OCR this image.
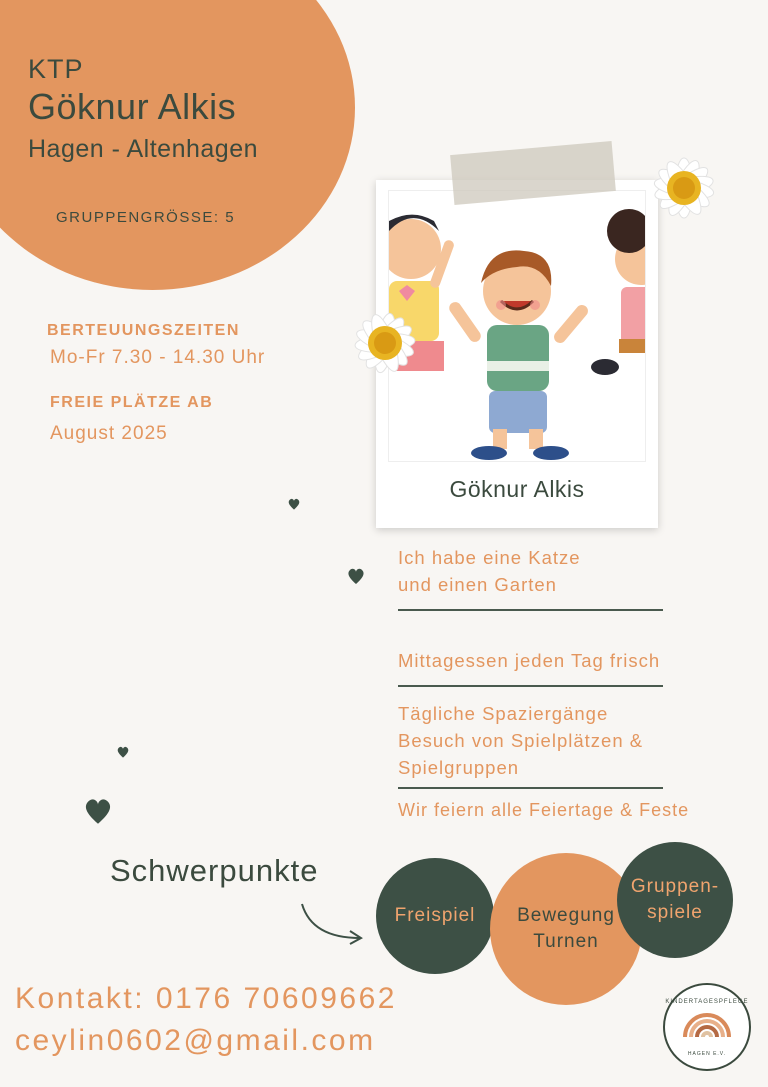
KTP
Göknur Alkis
Hagen - Altenhagen
GRUPPENGRÖSSE: 5
BERTEUUNGSZEITEN
Mo-Fr 7.30 - 14.30 Uhr
FREIE PLÄTZE AB
August 2025
Göknur Alkis
Ich habe eine Katze
und einen Garten
Mittagessen jeden Tag frisch
Tägliche Spaziergänge
Besuch von Spielplätzen &
Spielgruppen
Wir feiern alle Feiertage & Feste
Schwerpunkte
Freispiel Bewegung
Turnen
Gruppen-
spiele
Kontakt: 0176 70609662
ceylin0602@gmail.com
KINDERTAGESPFLEGE
HAGEN E.V.
